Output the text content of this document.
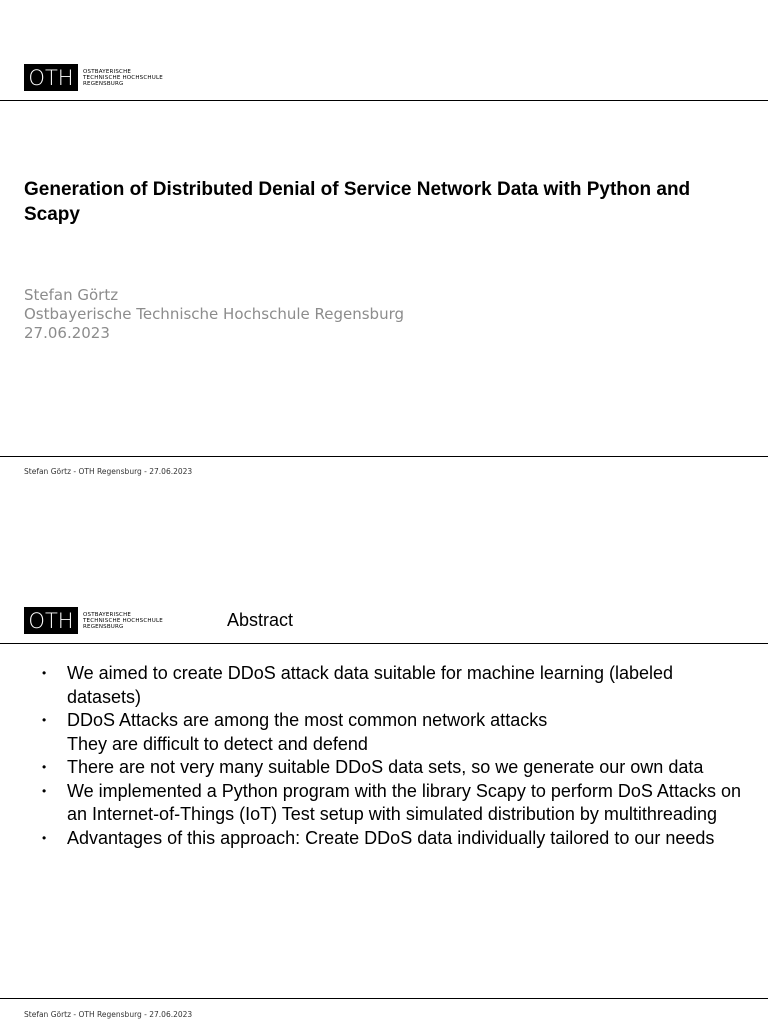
OTH	OSTBAYERISCHE
TECHNISCHE HOCHSCHULE
REGENSBURG
Generation of Distributed Denial of Service Network Data with Python and Scapy
Stefan Görtz
Ostbayerische Technische Hochschule Regensburg
27.06.2023
Stefan Görtz - OTH Regensburg - 27.06.2023
OTH	OSTBAYERISCHE
TECHNISCHE HOCHSCHULE
REGENSBURG	Abstract
• We aimed to create DDoS attack data suitable for machine learning (labeled datasets)
• DDoS Attacks are among the most common network attacks
They are difficult to detect and defend
• There are not very many suitable DDoS data sets, so we generate our own data
• We implemented a Python program with the library Scapy to perform DoS Attacks on an Internet-of-Things (IoT) Test setup with simulated distribution by multithreading
• Advantages of this approach: Create DDoS data individually tailored to our needs
Stefan Görtz - OTH Regensburg - 27.06.2023
